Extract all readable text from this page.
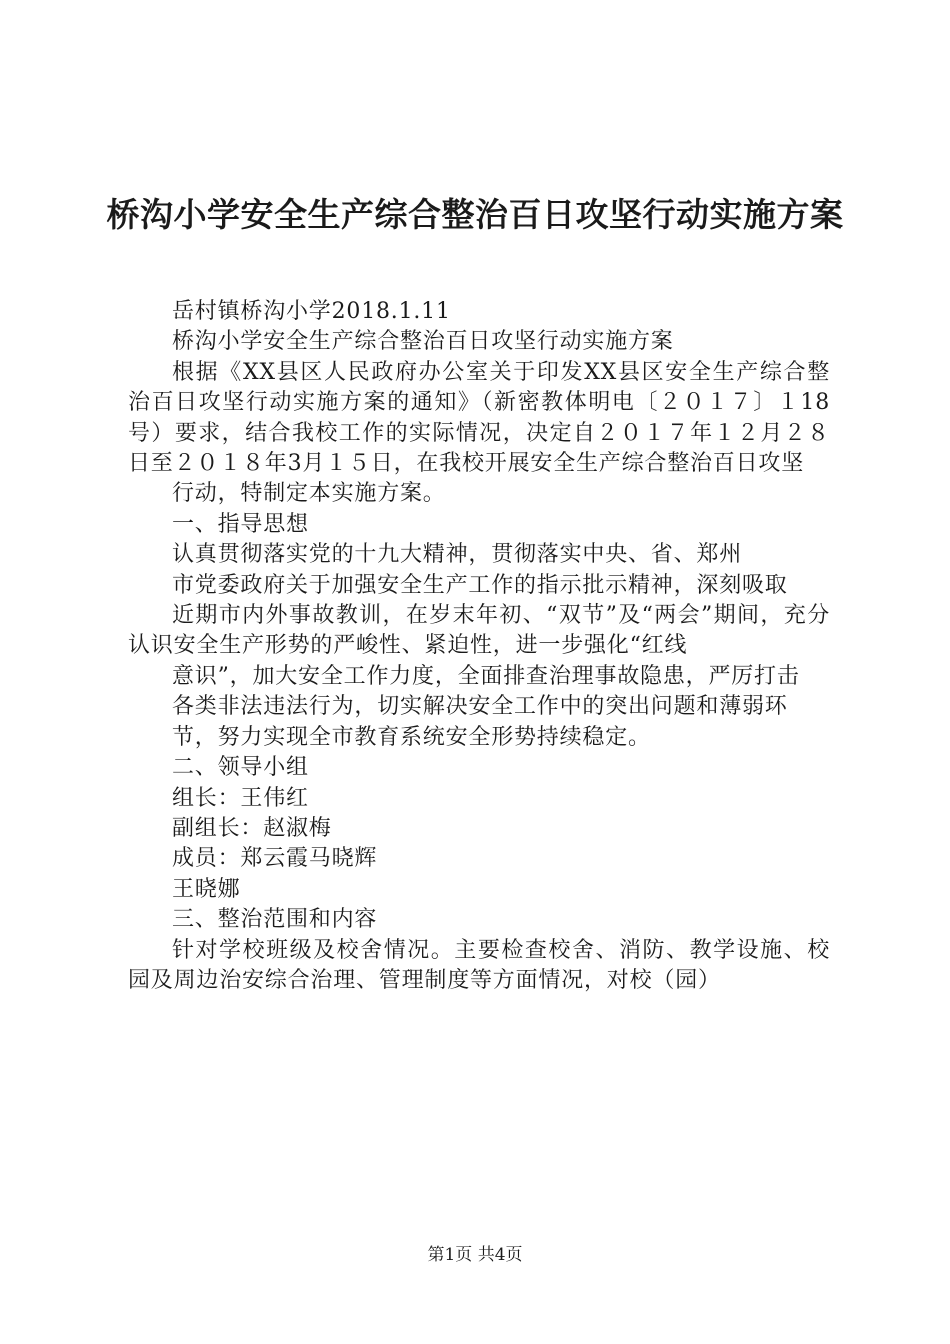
桥沟小学安全生产综合整治百日攻坚行动实施方案

岳村镇桥沟小学2018.1.11

桥沟小学安全生产综合整治百日攻坚行动实施方案

根据《XX县区人民政府办公室关于印发XX县区安全生产综合整治百日攻坚行动实施方案的通知》（新密教体明电〔２０１７〕１18号）要求，结合我校工作的实际情况，决定自２０１７年１２月２８日至２０１８年3月１５日，在我校开展安全生产综合整治百日攻坚

行动，特制定本实施方案。

一、指导思想

认真贯彻落实党的十九大精神，贯彻落实中央、省、郑州

市党委政府关于加强安全生产工作的指示批示精神，深刻吸取

近期市内外事故教训，在岁末年初、“双节”及“两会”期间，充分认识安全生产形势的严峻性、紧迫性，进一步强化“红线

意识”，加大安全工作力度，全面排查治理事故隐患，严厉打击

各类非法违法行为，切实解决安全工作中的突出问题和薄弱环

节，努力实现全市教育系统安全形势持续稳定。

二、领导小组

组长：王伟红

副组长：赵淑梅

成员：郑云霞马晓辉

王晓娜

三、整治范围和内容

针对学校班级及校舍情况。主要检查校舍、消防、教学设施、校园及周边治安综合治理、管理制度等方面情况，对校（园）

第1页 共4页
